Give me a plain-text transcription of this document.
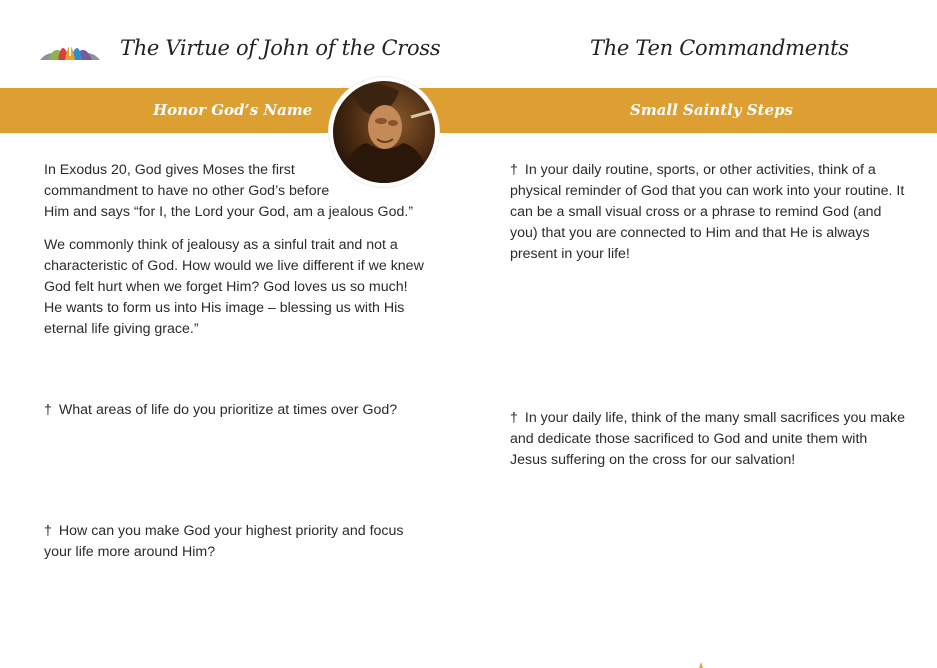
The Virtue of John of the Cross	The Ten Commandments
Honor God’s Name	Small Saintly Steps

In Exodus 20, God gives Moses the first
commandment to have no other God’s before
Him and says “for I, the Lord your God, am a jealous God.”

We commonly think of jealousy as a sinful trait and not a characteristic of God. How would we live different if we knew God felt hurt when we forget Him? God loves us so much! He wants to form us into His image – blessing us with His eternal life giving grace.”

† What areas of life do you prioritize at times over God?

† How can you make God your highest priority and focus your life more around Him?

† In your daily routine, sports, or other activities, think of a physical reminder of God that you can work into your routine. It can be a small visual cross or a phrase to remind God (and you) that you are connected to Him and that He is always present in your life!

† In your daily life, think of the many small sacrifices you make and dedicate those sacrificed to God and unite them with Jesus suffering on the cross for our salvation!
